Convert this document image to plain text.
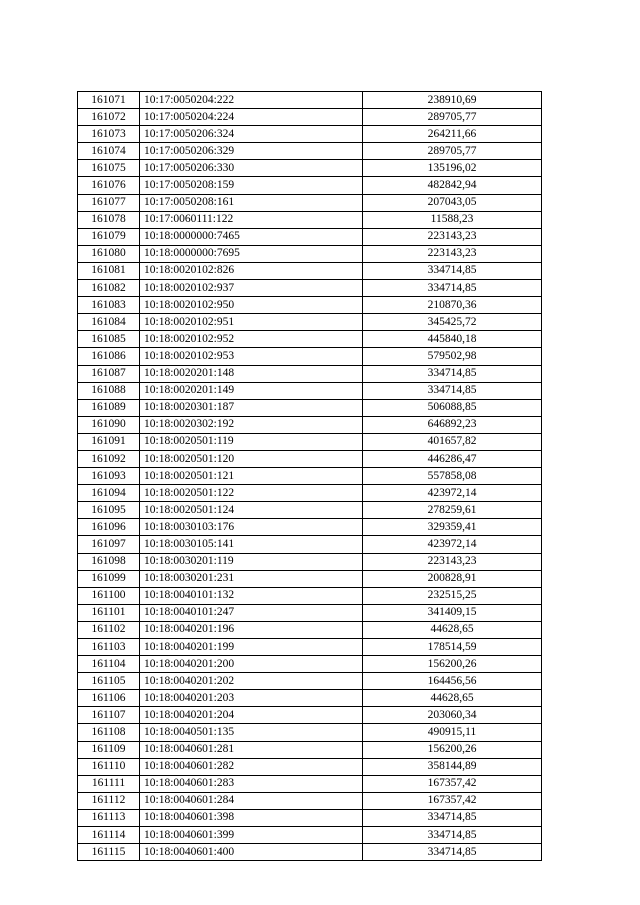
161071	10:17:0050204:222	238910,69
161072	10:17:0050204:224	289705,77
161073	10:17:0050206:324	264211,66
161074	10:17:0050206:329	289705,77
161075	10:17:0050206:330	135196,02
161076	10:17:0050208:159	482842,94
161077	10:17:0050208:161	207043,05
161078	10:17:0060111:122	11588,23
161079	10:18:0000000:7465	223143,23
161080	10:18:0000000:7695	223143,23
161081	10:18:0020102:826	334714,85
161082	10:18:0020102:937	334714,85
161083	10:18:0020102:950	210870,36
161084	10:18:0020102:951	345425,72
161085	10:18:0020102:952	445840,18
161086	10:18:0020102:953	579502,98
161087	10:18:0020201:148	334714,85
161088	10:18:0020201:149	334714,85
161089	10:18:0020301:187	506088,85
161090	10:18:0020302:192	646892,23
161091	10:18:0020501:119	401657,82
161092	10:18:0020501:120	446286,47
161093	10:18:0020501:121	557858,08
161094	10:18:0020501:122	423972,14
161095	10:18:0020501:124	278259,61
161096	10:18:0030103:176	329359,41
161097	10:18:0030105:141	423972,14
161098	10:18:0030201:119	223143,23
161099	10:18:0030201:231	200828,91
161100	10:18:0040101:132	232515,25
161101	10:18:0040101:247	341409,15
161102	10:18:0040201:196	44628,65
161103	10:18:0040201:199	178514,59
161104	10:18:0040201:200	156200,26
161105	10:18:0040201:202	164456,56
161106	10:18:0040201:203	44628,65
161107	10:18:0040201:204	203060,34
161108	10:18:0040501:135	490915,11
161109	10:18:0040601:281	156200,26
161110	10:18:0040601:282	358144,89
161111	10:18:0040601:283	167357,42
161112	10:18:0040601:284	167357,42
161113	10:18:0040601:398	334714,85
161114	10:18:0040601:399	334714,85
161115	10:18:0040601:400	334714,85
